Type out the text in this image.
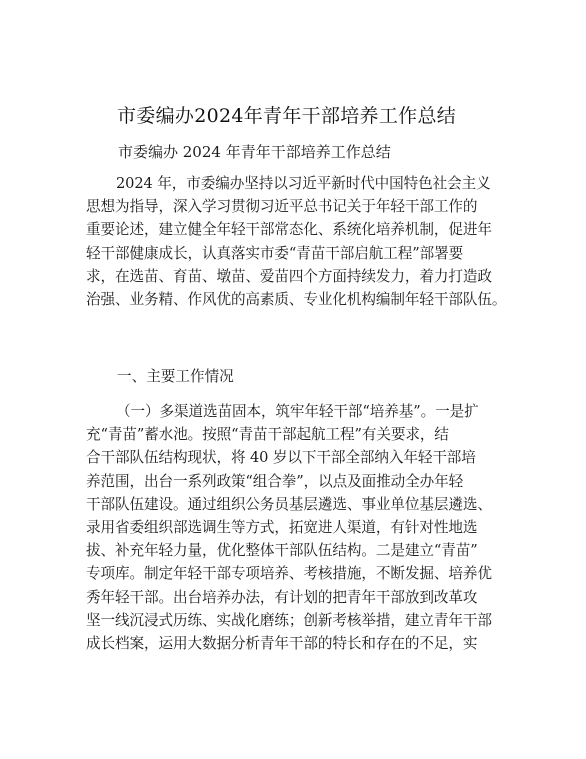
市委编办2024年青年干部培养工作总结
市委编办 2024 年青年干部培养工作总结
2024 年，市委编办坚持以习近平新时代中国特色社会主义
思想为指导，深入学习贯彻习近平总书记关于年轻干部工作的
重要论述，建立健全年轻干部常态化、系统化培养机制，促进年
轻干部健康成长，认真落实市委“青苗干部启航工程”部署要
求，在选苗、育苗、墩苗、爱苗四个方面持续发力，着力打造政
治强、业务精、作风优的高素质、专业化机构编制年轻干部队伍。
一、主要工作情况
（一）多渠道选苗固本，筑牢年轻干部“培养基”。一是扩
充“青苗”蓄水池。按照“青苗干部起航工程”有关要求，结
合干部队伍结构现状，将 40 岁以下干部全部纳入年轻干部培
养范围，出台一系列政策“组合拳”，以点及面推动全办年轻
干部队伍建设。通过组织公务员基层遴选、事业单位基层遴选、
录用省委组织部选调生等方式，拓宽进人渠道，有针对性地选
拔、补充年轻力量，优化整体干部队伍结构。二是建立“青苗”
专项库。制定年轻干部专项培养、考核措施，不断发掘、培养优
秀年轻干部。出台培养办法，有计划的把青年干部放到改革攻
坚一线沉浸式历练、实战化磨练；创新考核举措，建立青年干部
成长档案，运用大数据分析青年干部的特长和存在的不足，实
